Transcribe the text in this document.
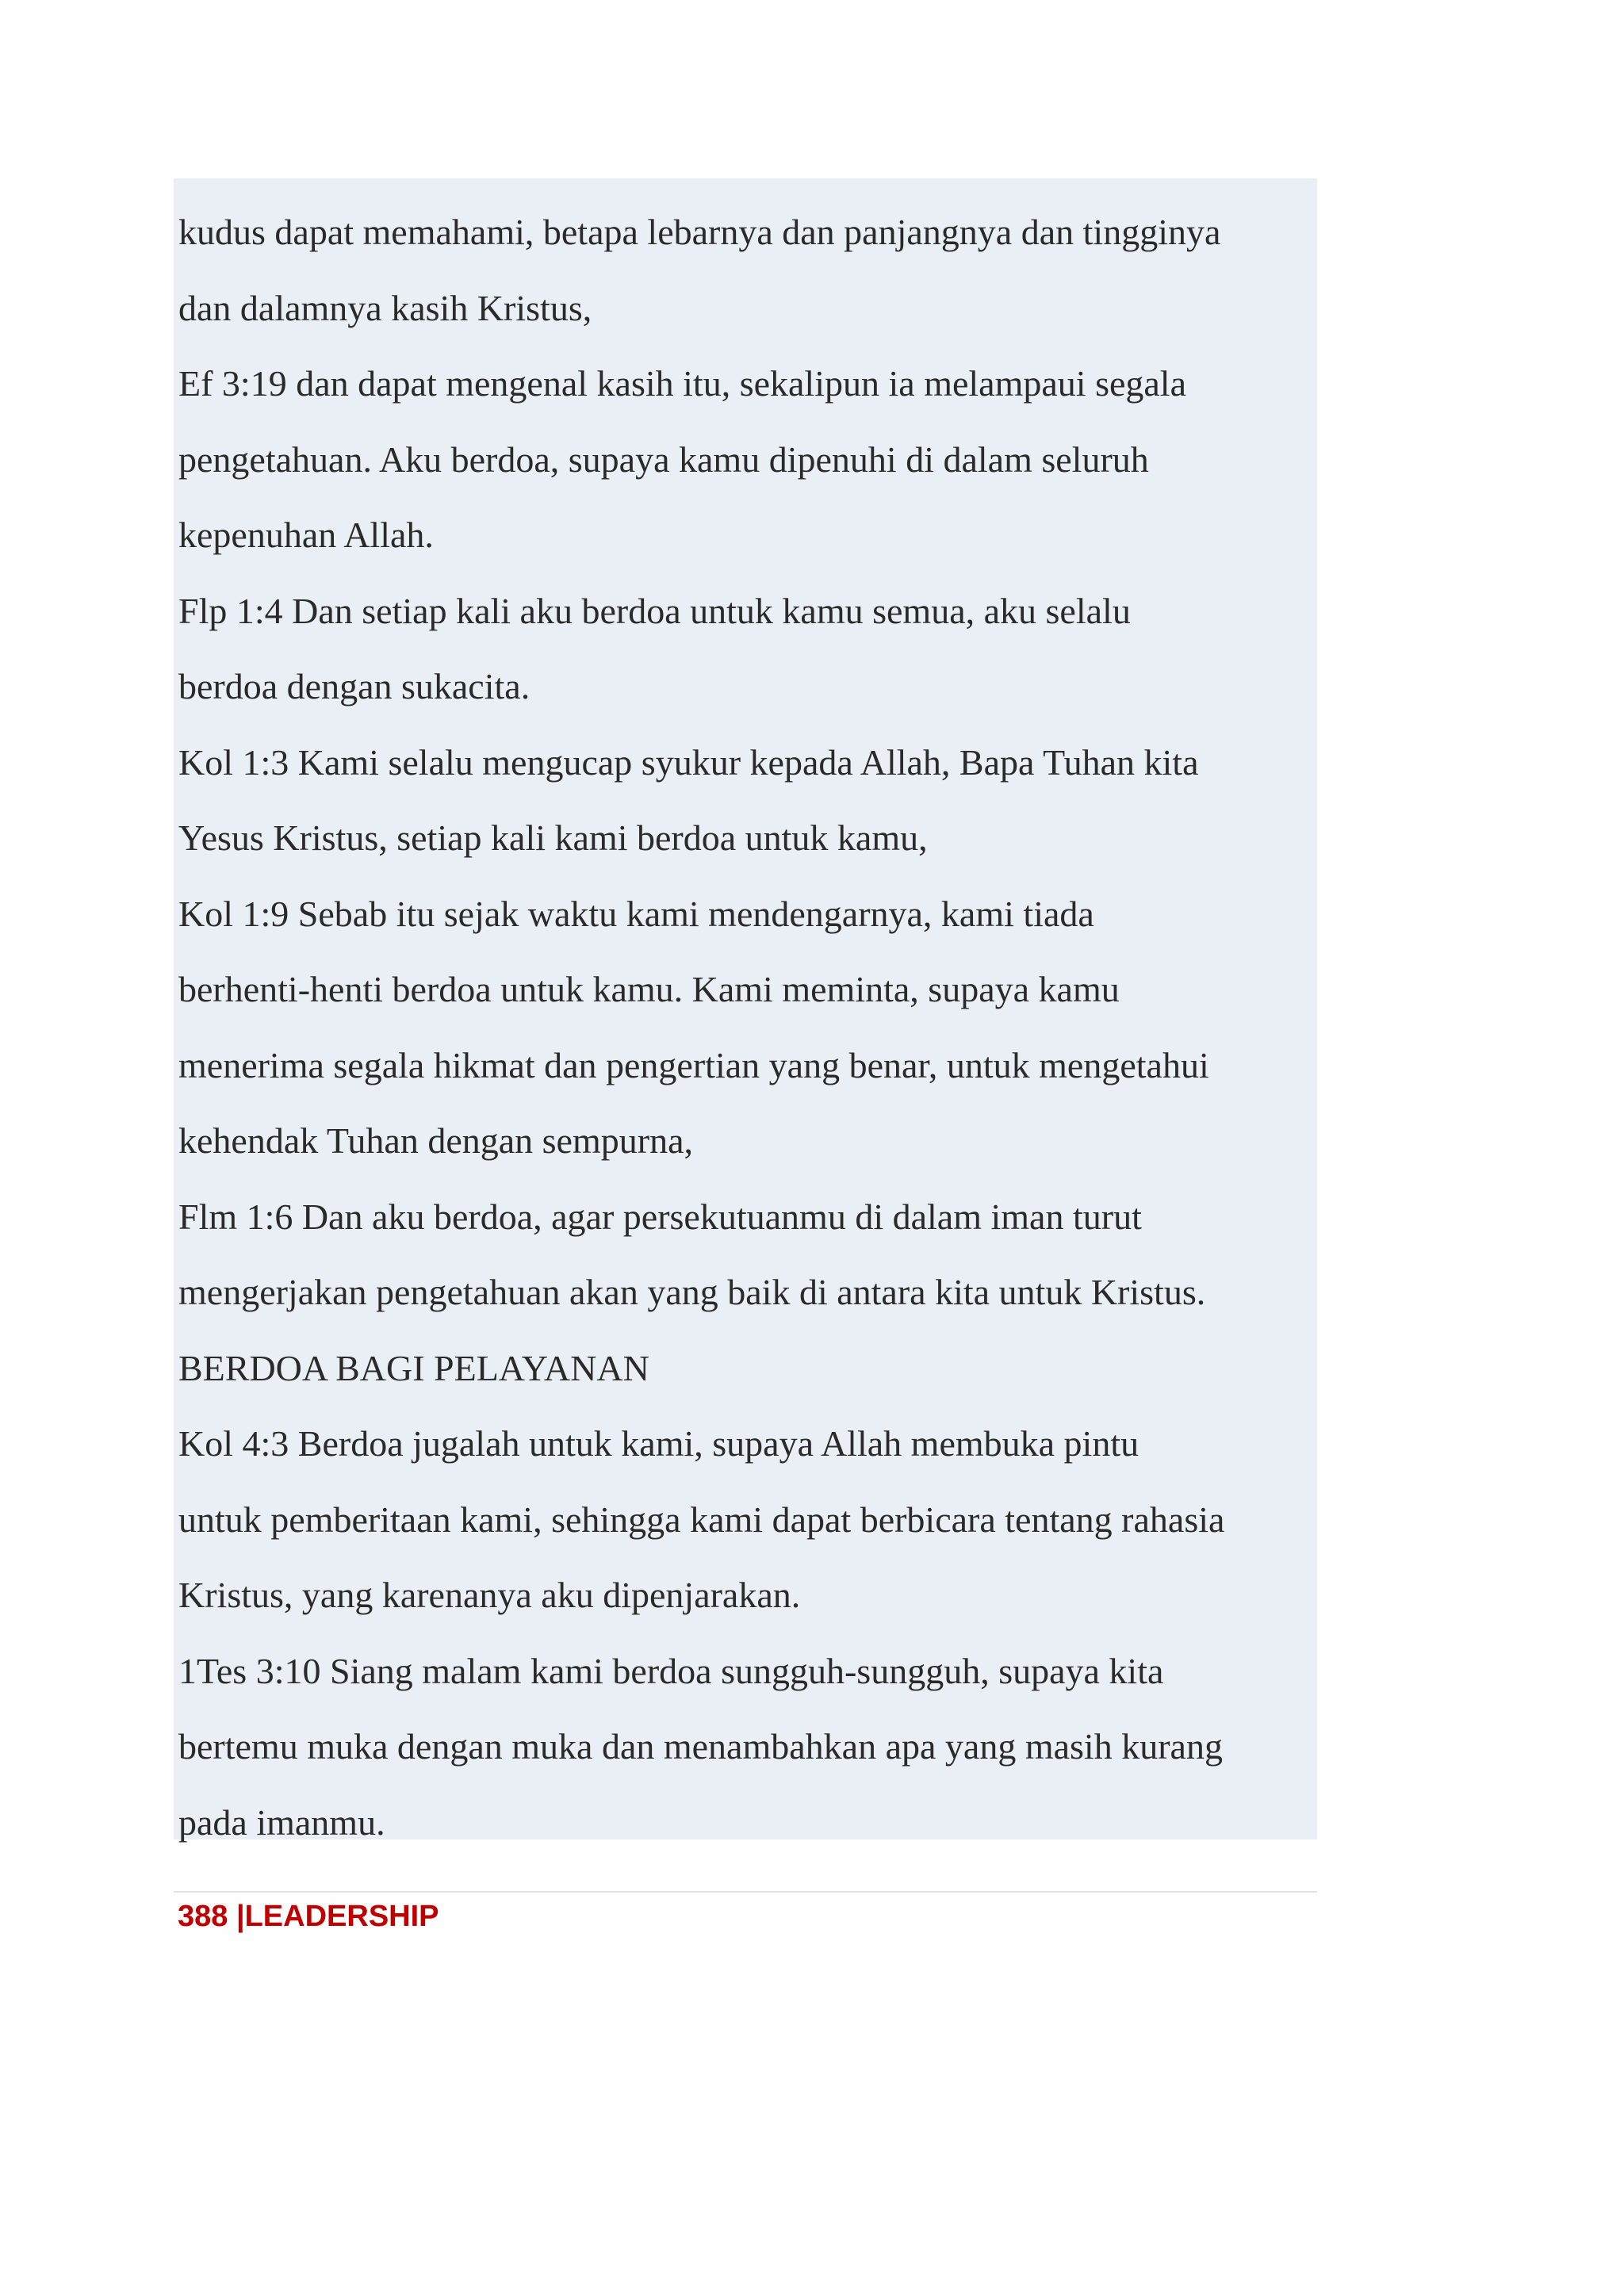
kudus dapat memahami, betapa lebarnya dan panjangnya dan tingginya
dan dalamnya kasih Kristus,
Ef 3:19 dan dapat mengenal kasih itu, sekalipun ia melampaui segala
pengetahuan. Aku berdoa, supaya kamu dipenuhi di dalam seluruh
kepenuhan Allah.
Flp 1:4 Dan setiap kali aku berdoa untuk kamu semua, aku selalu
berdoa dengan sukacita.
Kol 1:3 Kami selalu mengucap syukur kepada Allah, Bapa Tuhan kita
Yesus Kristus, setiap kali kami berdoa untuk kamu,
Kol 1:9 Sebab itu sejak waktu kami mendengarnya, kami tiada
berhenti-henti berdoa untuk kamu. Kami meminta, supaya kamu
menerima segala hikmat dan pengertian yang benar, untuk mengetahui
kehendak Tuhan dengan sempurna,
Flm 1:6 Dan aku berdoa, agar persekutuanmu di dalam iman turut
mengerjakan pengetahuan akan yang baik di antara kita untuk Kristus.
BERDOA BAGI PELAYANAN
Kol 4:3 Berdoa jugalah untuk kami, supaya Allah membuka pintu
untuk pemberitaan kami, sehingga kami dapat berbicara tentang rahasia
Kristus, yang karenanya aku dipenjarakan.
1Tes 3:10 Siang malam kami berdoa sungguh-sungguh, supaya kita
bertemu muka dengan muka dan menambahkan apa yang masih kurang
pada imanmu.
388 |LEADERSHIP
